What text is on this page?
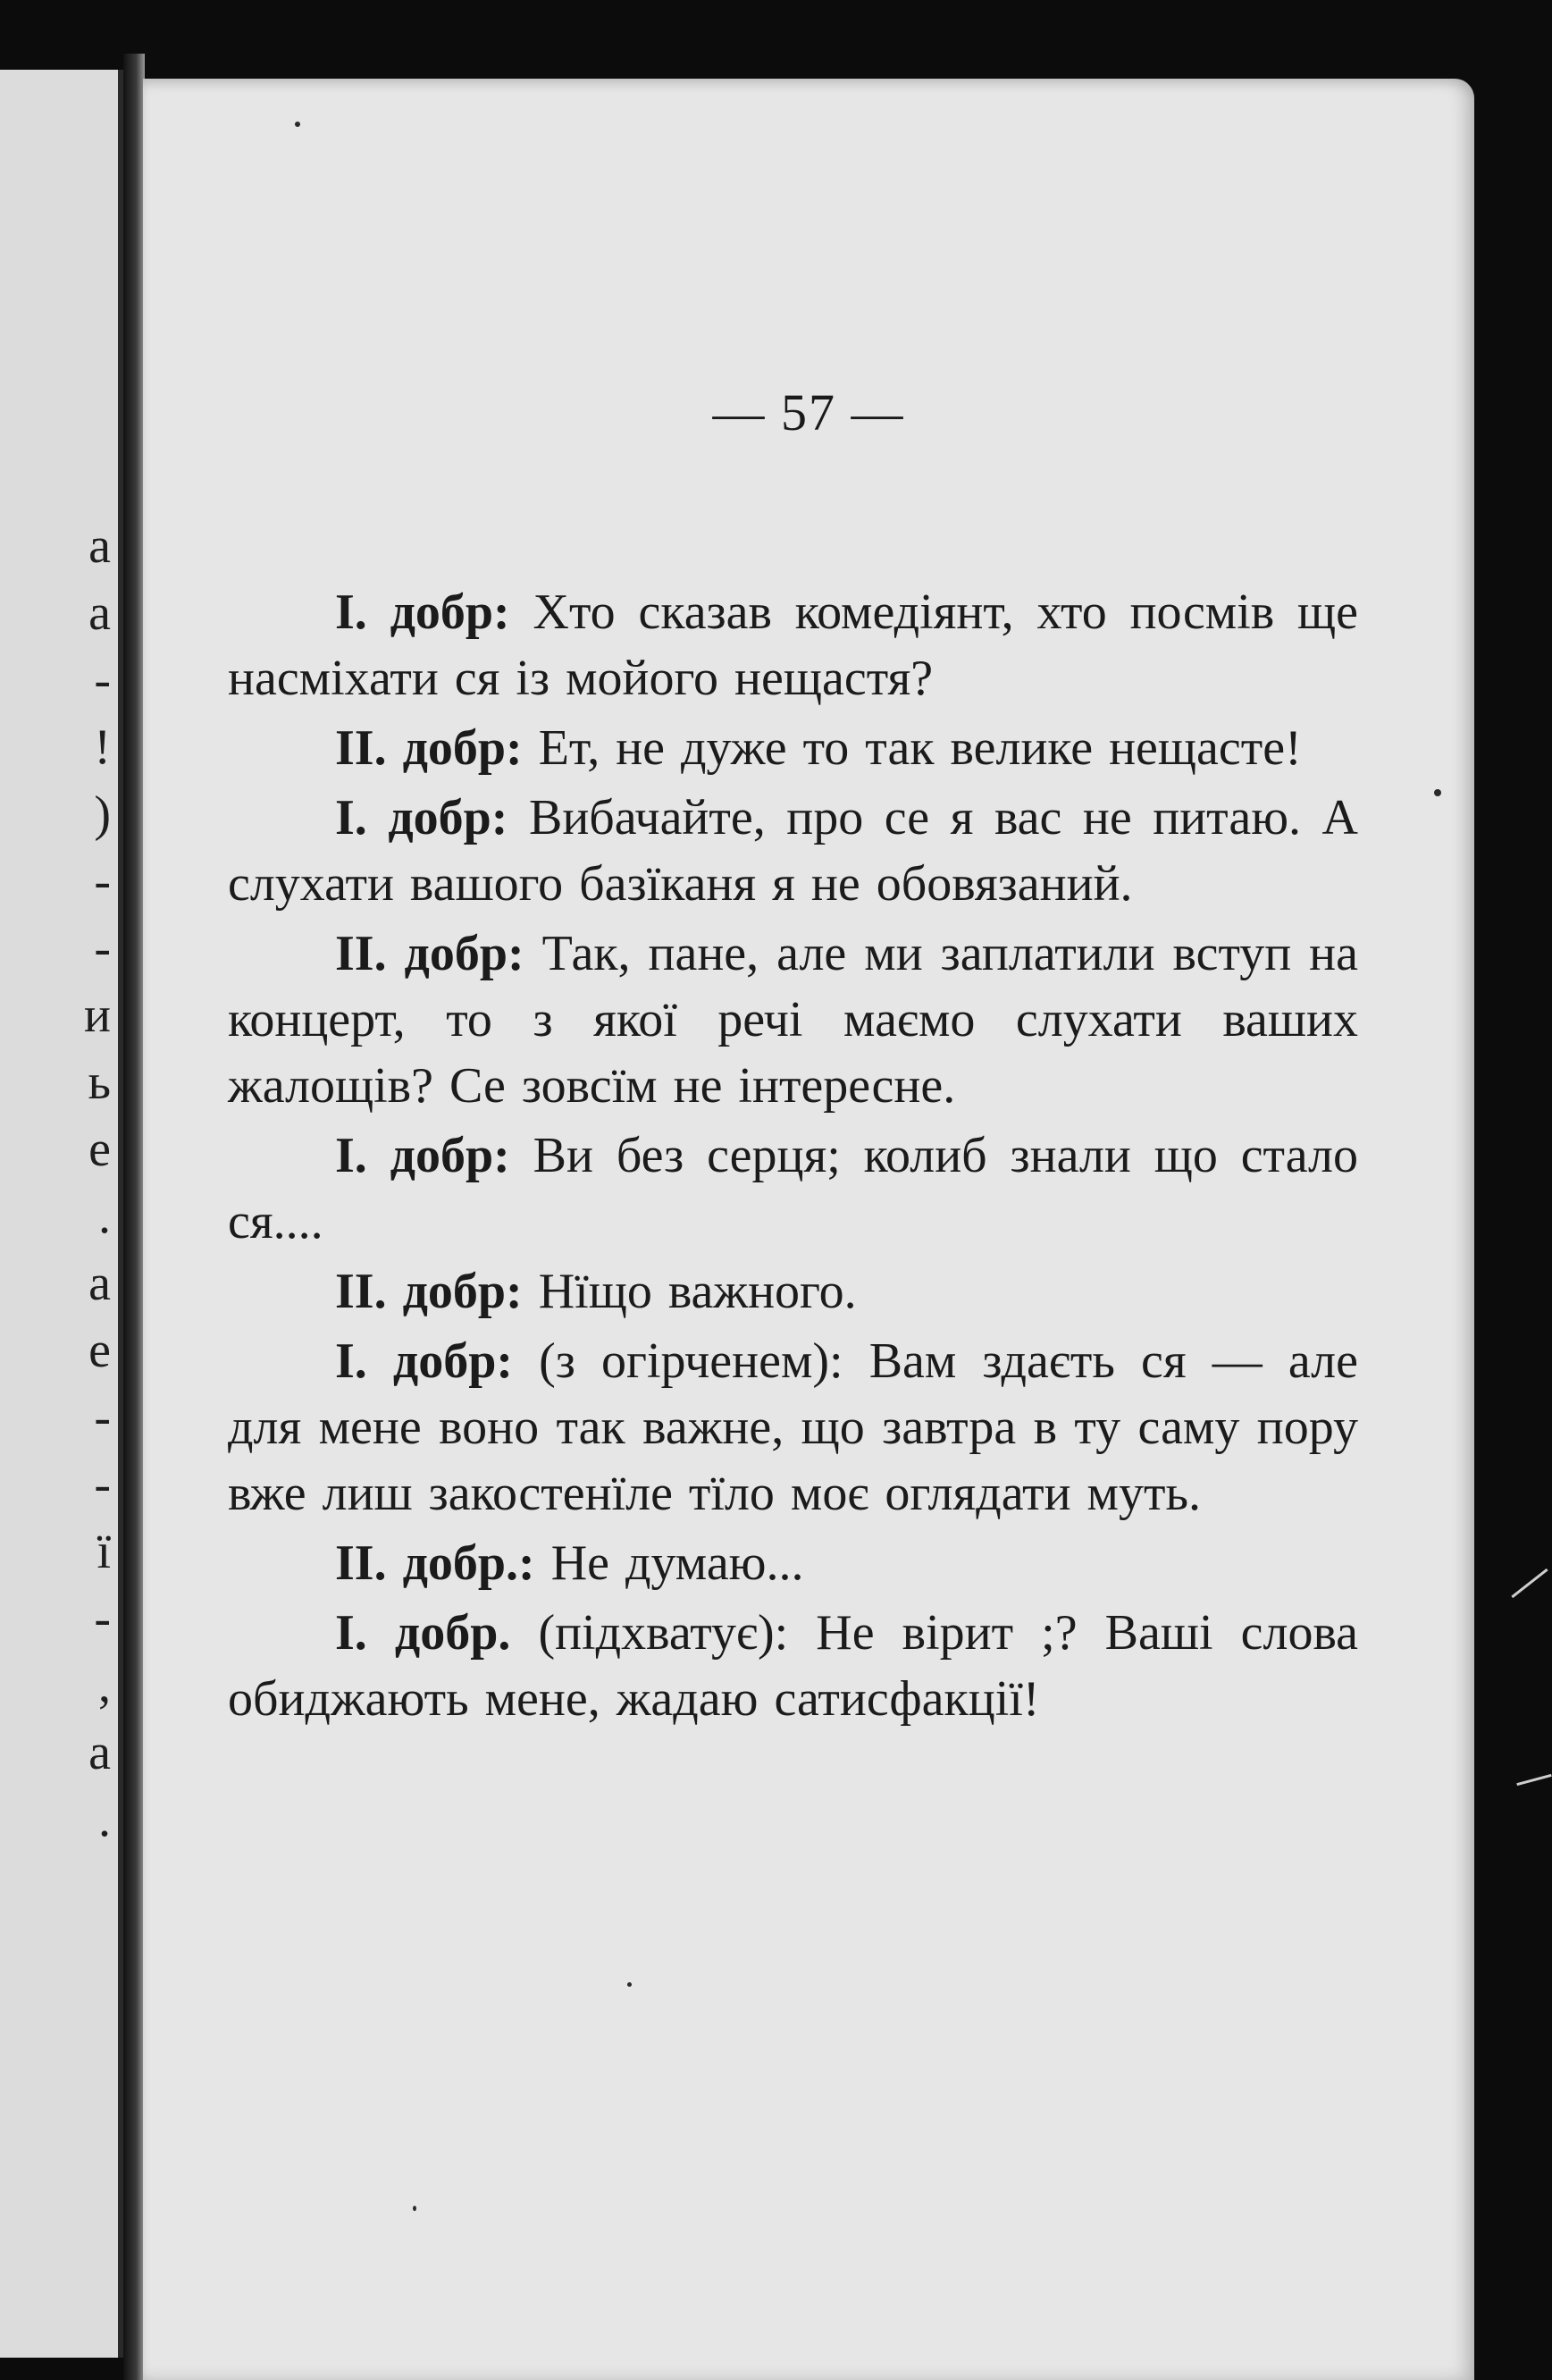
а
а
-
!
)
-
-
и
ь
е
.
а
е
-
-
ї
-
,
а
.

— 57 —

I. добр: Хто сказав комедіянт, хто посмів ще насміхати ся із мойого нещастя?

II. добр: Ет, не дуже то так велике нещасте!

I. добр: Вибачайте, про се я вас не питаю. А слухати вашого базїканя я не обовязаний.

II. добр: Так, пане, але ми заплатили вступ на концерт, то з якої речі маємо слухати ваших жалощів? Се зовсїм не інтересне.

I. добр: Ви без серця; колиб знали що стало ся....

II. добр: Нїщо важного.

I. добр: (з огірченем): Вам здаєть ся — але для мене воно так важне, що завтра в ту саму пору вже лиш закостенїле тїло моє оглядати муть.

II. добр.: Не думаю...

I. добр. (підхватує): Не вірит ;? Ваші слова обиджають мене, жадаю сатисфакції!
